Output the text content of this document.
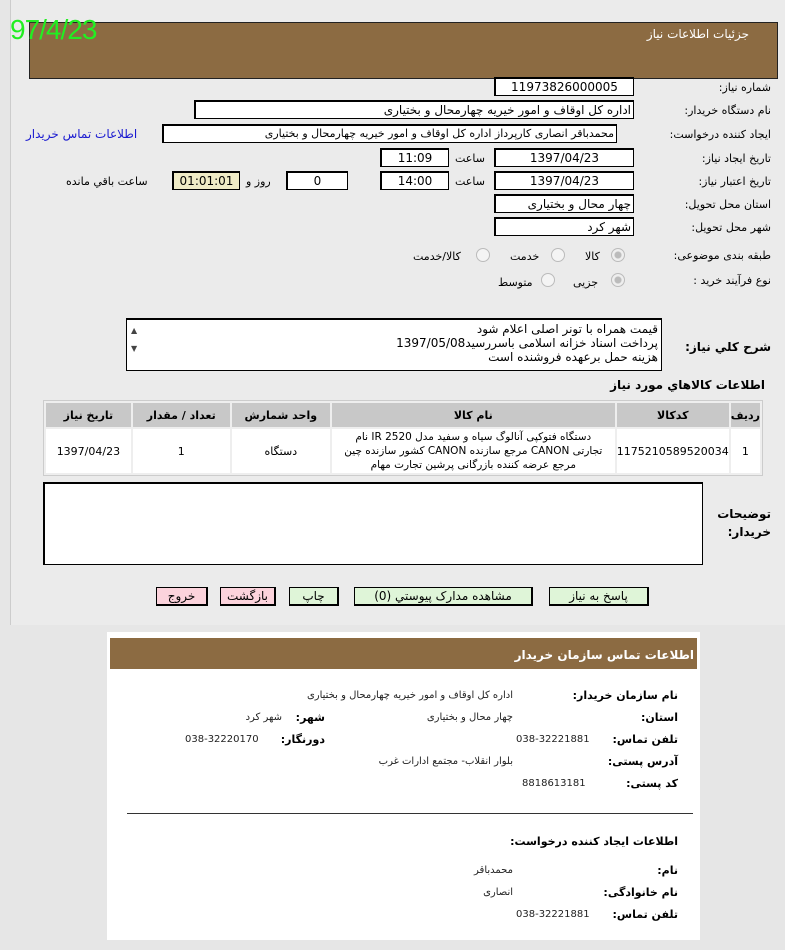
جزئیات اطلاعات نیاز
97/4/23
شماره نیاز:
11973826000005
نام دستگاه خریدار:
اداره کل اوقاف و امور خیریه چهارمحال و بختیاری
ایجاد کننده درخواست:
محمدباقر انصاری کارپرداز اداره کل اوقاف و امور خیریه چهارمحال و بختیاری
اطلاعات تماس خریدار
تاریخ ایجاد نیاز:
1397/04/23
ساعت
11:09
تاریخ اعتبار نیاز:
1397/04/23
ساعت
14:00
0
روز و
01:01:01
ساعت باقي مانده
استان محل تحویل:
چهار محال و بختیاری
شهر محل تحویل:
شهر کرد
طبقه بندی موضوعی:
کالا
خدمت
کالا/خدمت
نوع فرآیند خرید :
جزیی
متوسط
شرح کلي نياز:
قیمت همراه با تونر اصلی اعلام شود
پرداخت اسناد خزانه اسلامی باسررسید1397/05/08
هزینه حمل برعهده فروشنده است
▲
▼
اطلاعات کالاهاي مورد نياز
رديف	کدکالا	نام کالا	واحد شمارش	تعداد / مقدار	تاريخ نياز
1	1175210589520034	دستگاه فتوکپی آنالوگ سیاه و سفید مدل IR 2520 نام تجارتی CANON مرجع سازنده CANON کشور سازنده چین مرجع عرضه کننده بازرگانی پرشین تجارت مهام	دستگاه	1	1397/04/23
توضیحات خریدار:
پاسخ به نیاز
مشاهده مدارک پیوستي (0)
چاپ
بازگشت
خروج
اطلاعات تماس سازمان خریدار
نام سازمان خریدار:
اداره کل اوقاف و امور خیریه چهارمحال و بختیاری
استان:
چهار محال و بختیاری
شهر:
شهر کرد
تلفن تماس:
038-32221881
دورنگار:
038-32220170
آدرس پستی:
بلوار انقلاب- مجتمع ادارات غرب
کد پستی:
8818613181
اطلاعات ایجاد کننده درخواست:
نام:
محمدباقر
نام خانوادگی:
انصاری
تلفن تماس:
038-32221881
